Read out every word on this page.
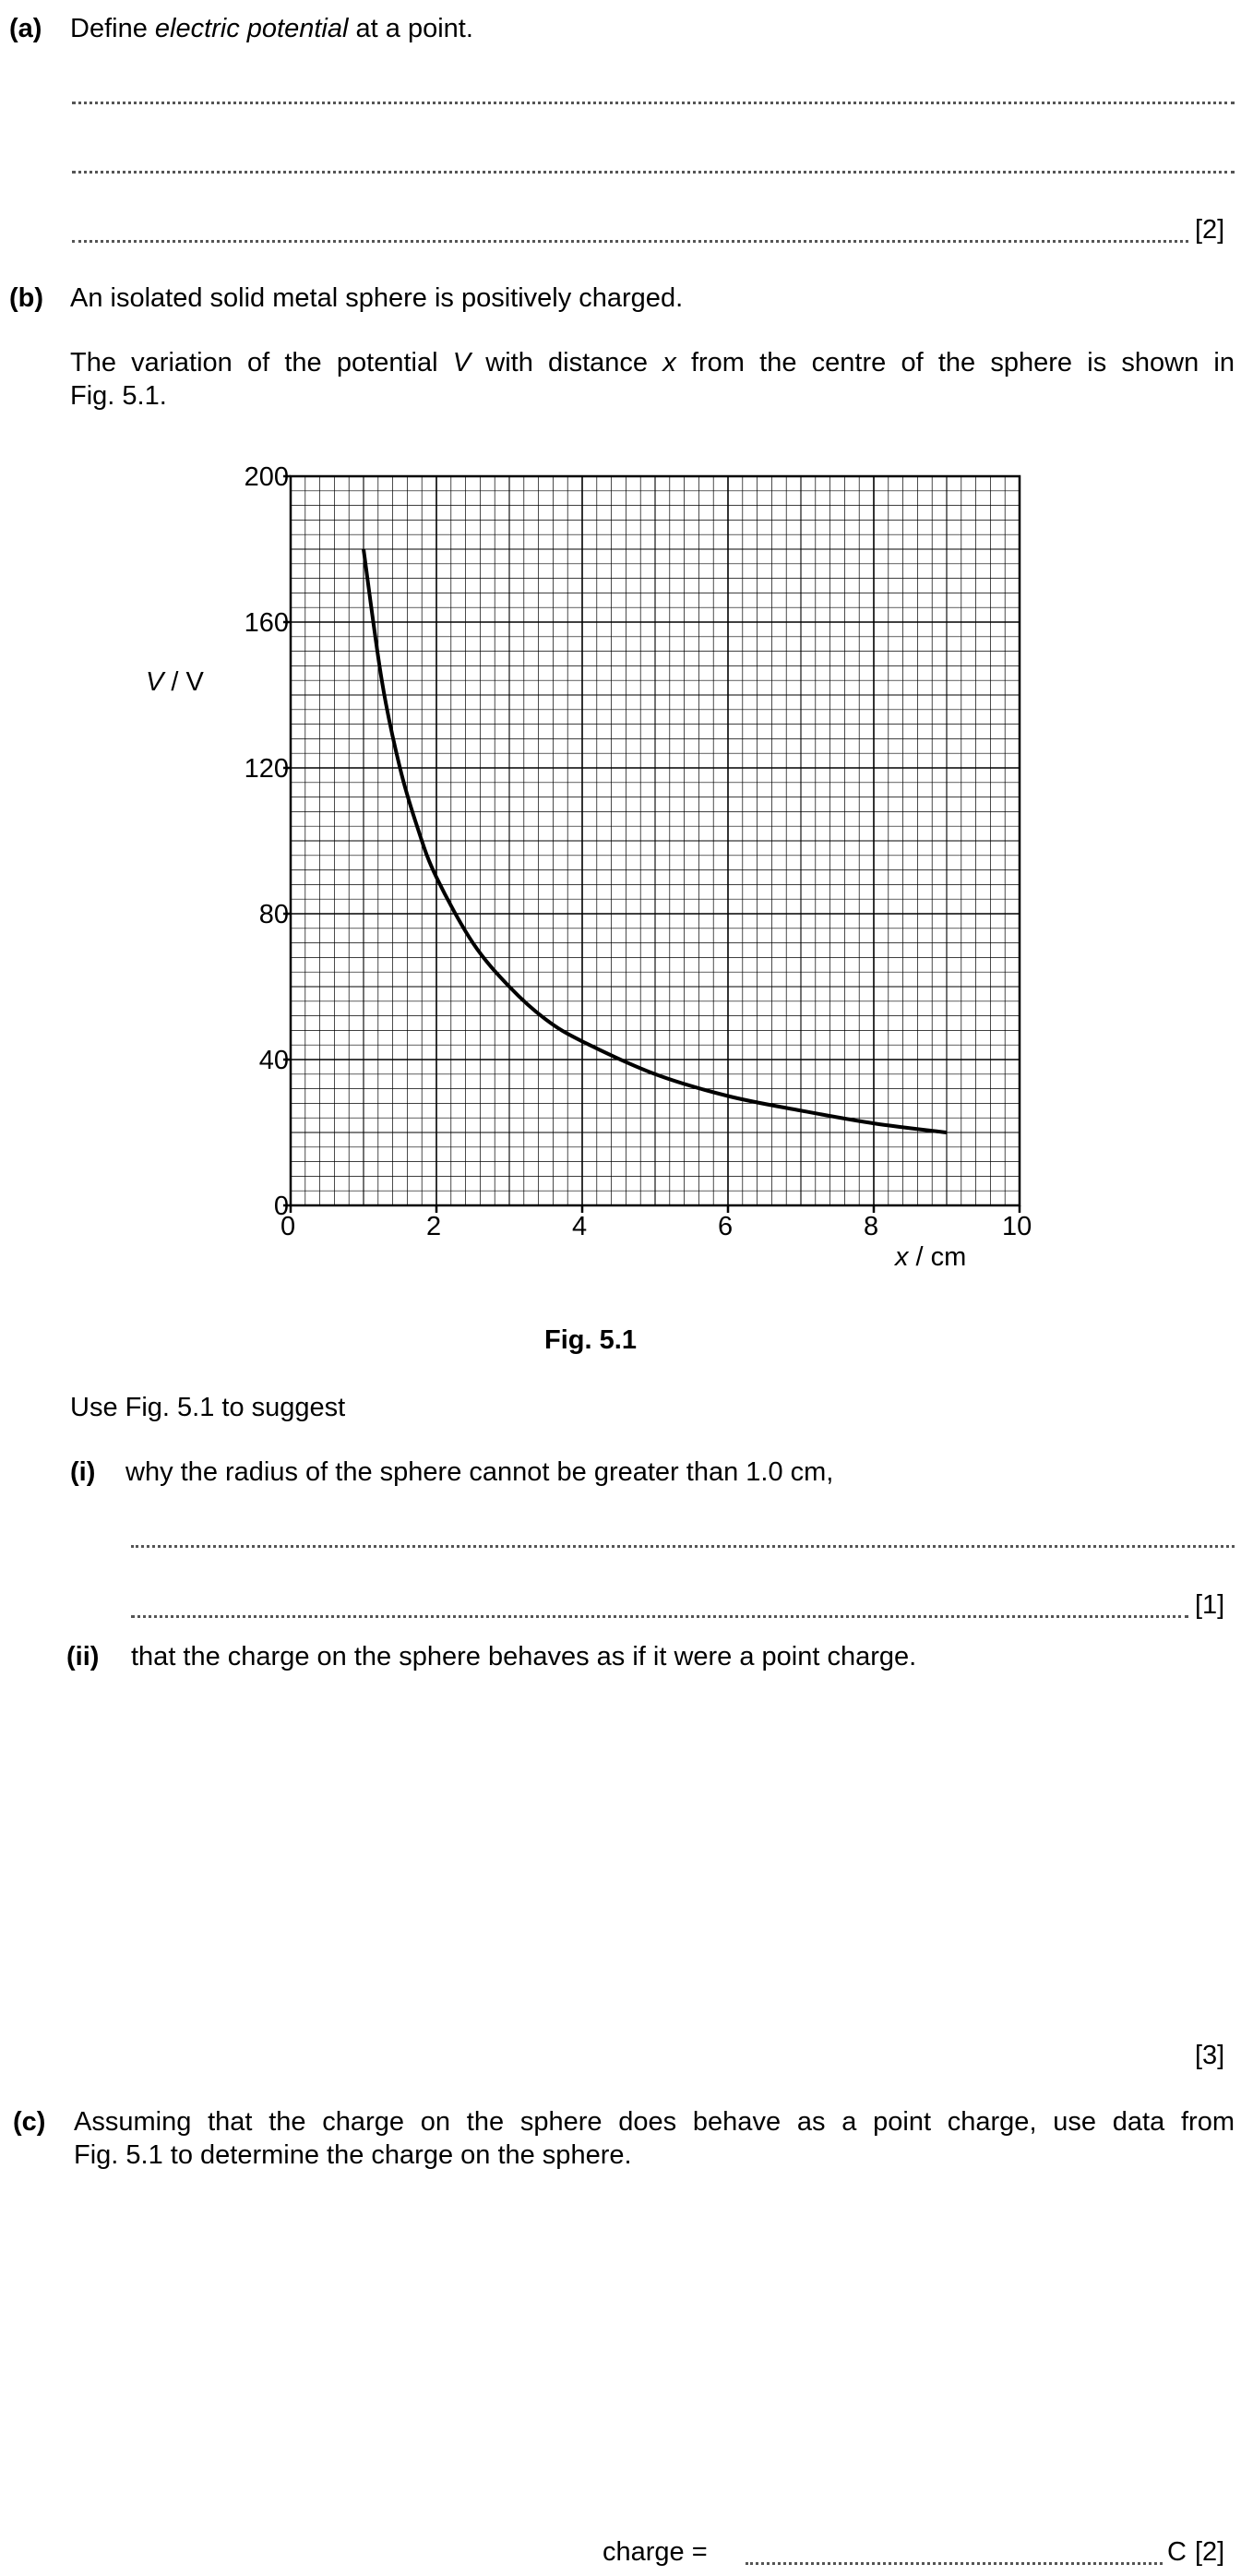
(a) Define electric potential at a point.
[2]
(b) An isolated solid metal sphere is positively charged.
The variation of the potential V with distance x from the centre of the sphere is shown in
Fig. 5.1.
200
160
120
80
40
0
0	2	4	6	8	10
V / V
x / cm
Fig. 5.1
Use Fig. 5.1 to suggest
(i) why the radius of the sphere cannot be greater than 1.0 cm,
[1]
(ii) that the charge on the sphere behaves as if it were a point charge.
[3]
(c) Assuming that the charge on the sphere does behave as a point charge, use data from
Fig. 5.1 to determine the charge on the sphere.
charge =	C [2]
